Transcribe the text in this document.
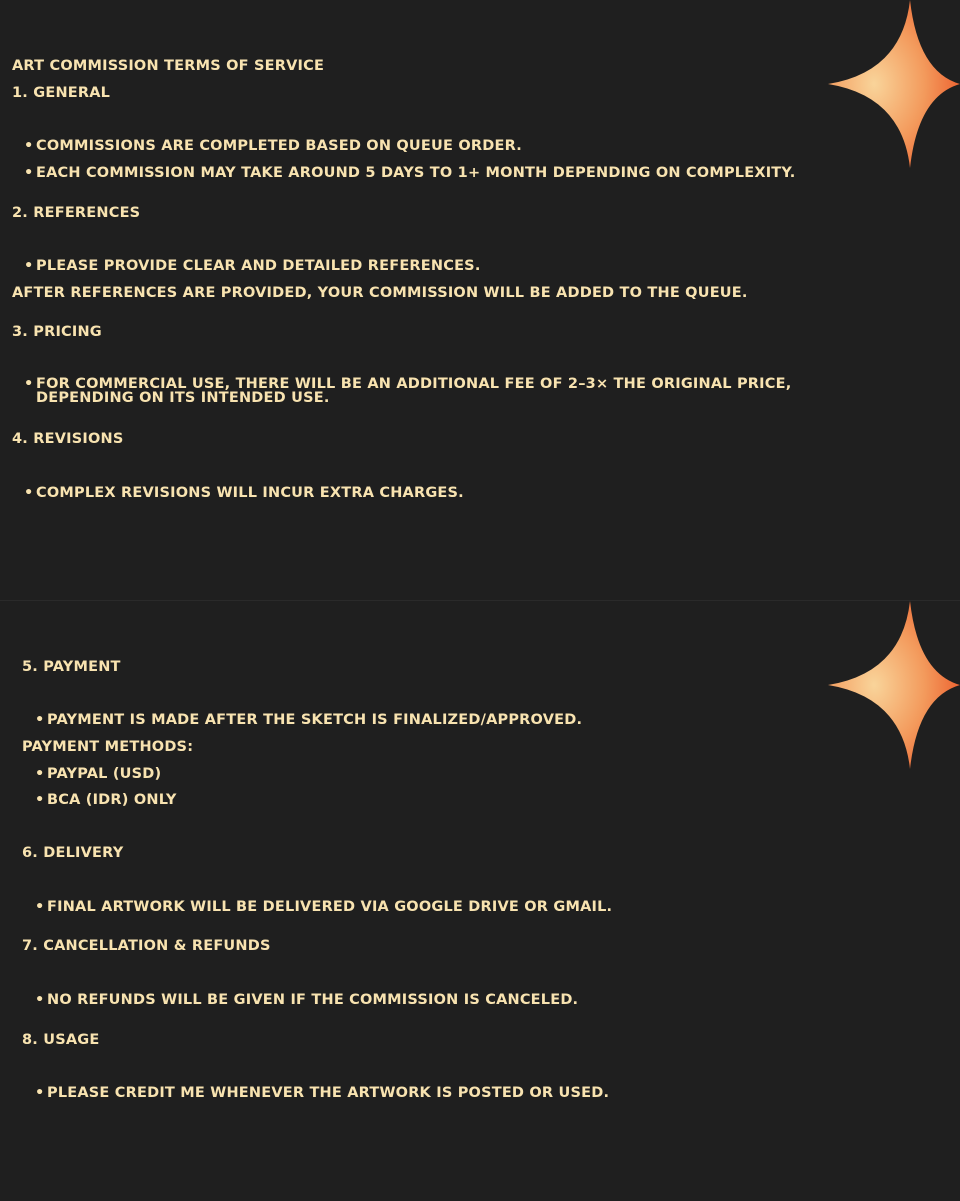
ART COMMISSION TERMS OF SERVICE
1. GENERAL

• COMMISSIONS ARE COMPLETED BASED ON QUEUE ORDER.

• EACH COMMISSION MAY TAKE AROUND 5 DAYS TO 1+ MONTH DEPENDING ON COMPLEXITY.

2. REFERENCES

• PLEASE PROVIDE CLEAR AND DETAILED REFERENCES.

AFTER REFERENCES ARE PROVIDED, YOUR COMMISSION WILL BE ADDED TO THE QUEUE.

3. PRICING

• FOR COMMERCIAL USE, THERE WILL BE AN ADDITIONAL FEE OF 2–3× THE ORIGINAL PRICE, DEPENDING ON ITS INTENDED USE.

4. REVISIONS

• COMPLEX REVISIONS WILL INCUR EXTRA CHARGES.

5. PAYMENT

• PAYMENT IS MADE AFTER THE SKETCH IS FINALIZED/APPROVED.

PAYMENT METHODS:

• PAYPAL (USD)

• BCA (IDR) ONLY

6. DELIVERY

• FINAL ARTWORK WILL BE DELIVERED VIA GOOGLE DRIVE OR GMAIL.

7. CANCELLATION & REFUNDS

• NO REFUNDS WILL BE GIVEN IF THE COMMISSION IS CANCELED.

8. USAGE

• PLEASE CREDIT ME WHENEVER THE ARTWORK IS POSTED OR USED.
